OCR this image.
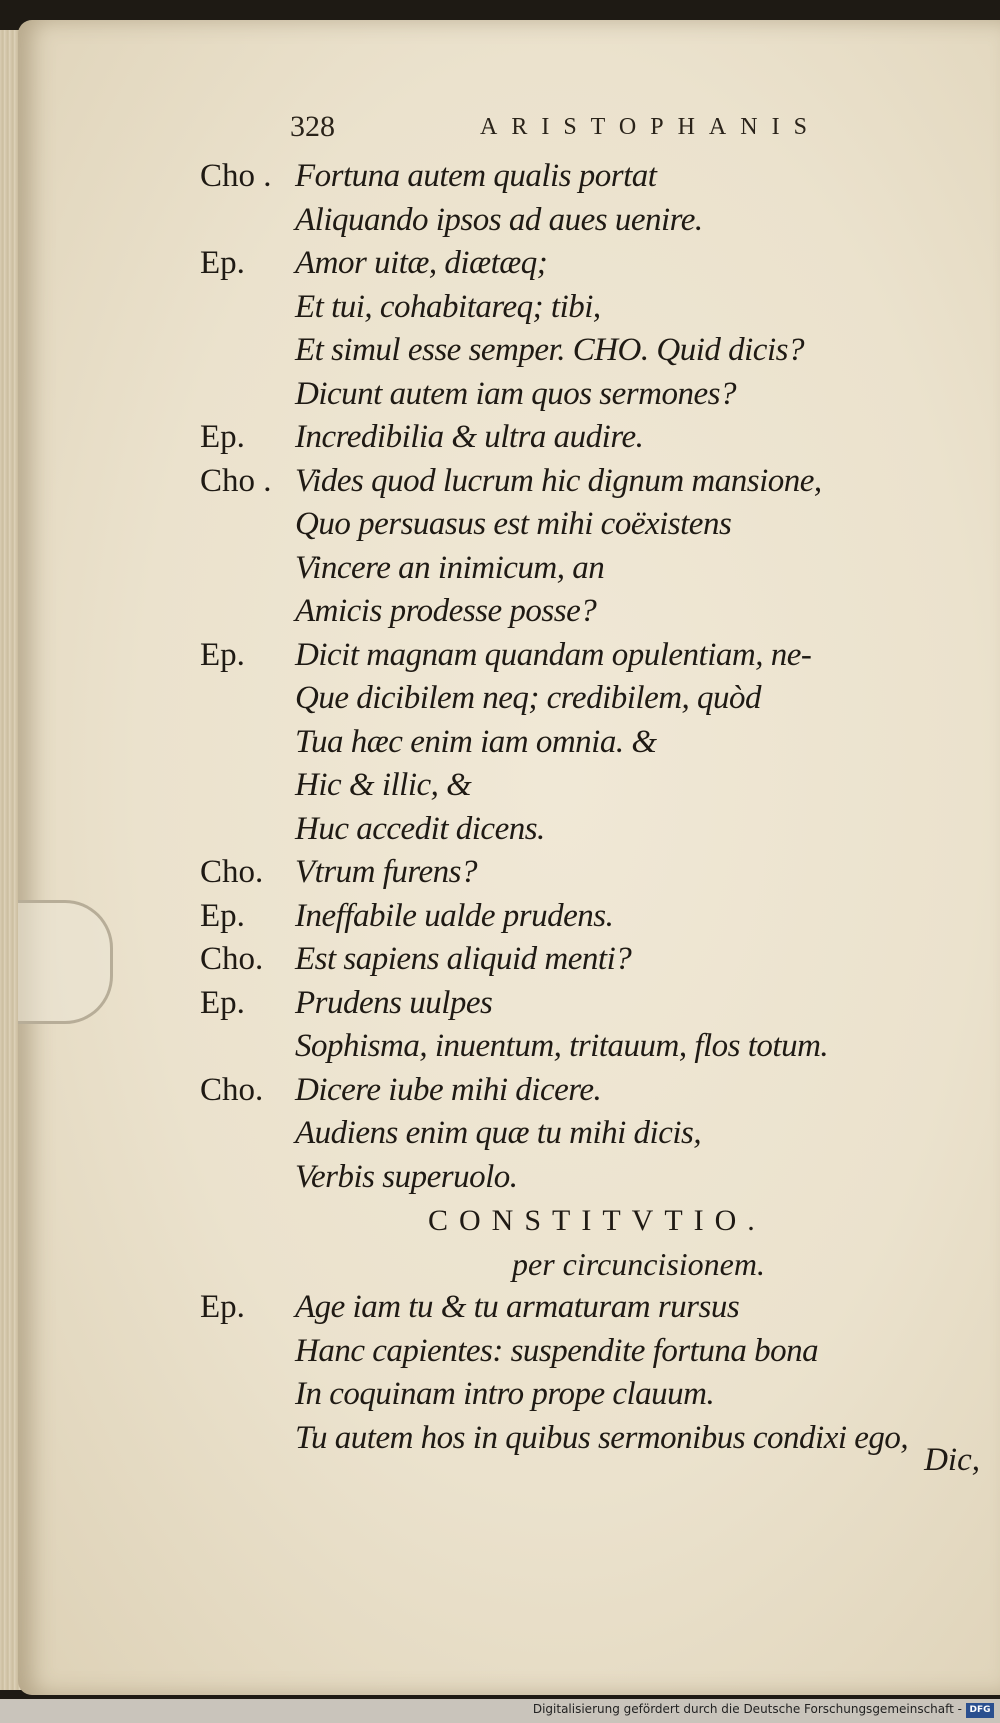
328	ARISTOPHANIS
Cho . Fortuna autem qualis portat
Aliquando ipsos ad aues uenire.
Ep.	Amor uitæ, diætæq;
Et tui, cohabitareq; tibi,
Et simul esse semper. CHO. Quid dicis?
Dicunt autem iam quos sermones?
Ep.	Incredibilia & ultra audire.
Cho . Vides quod lucrum hic dignum mansione,
Quo persuasus est mihi coëxistens
Vincere an inimicum, an
Amicis prodesse posse?
Ep.	Dicit magnam quandam opulentiam, ne-
Que dicibilem neq; credibilem, quòd
Tua hæc enim iam omnia. &
Hic & illic, &
Huc accedit dicens.
Cho. Vtrum furens?
Ep.	Ineffabile ualde prudens.
Cho. Est sapiens aliquid menti?
Ep.	Prudens uulpes
Sophisma, inuentum, tritauum, flos totum.
Cho. Dicere iube mihi dicere.
Audiens enim quæ tu mihi dicis,
Verbis superuolo.
CONSTITVTIO.
per circuncisionem.
Ep.	Age iam tu & tu armaturam rursus
Hanc capientes: suspendite fortuna bona
In coquinam intro prope clauum.
Tu autem hos in quibus sermonibus condixi ego,
Dic,
Digitalisierung gefördert durch die Deutsche Forschungsgemeinschaft - DFG
